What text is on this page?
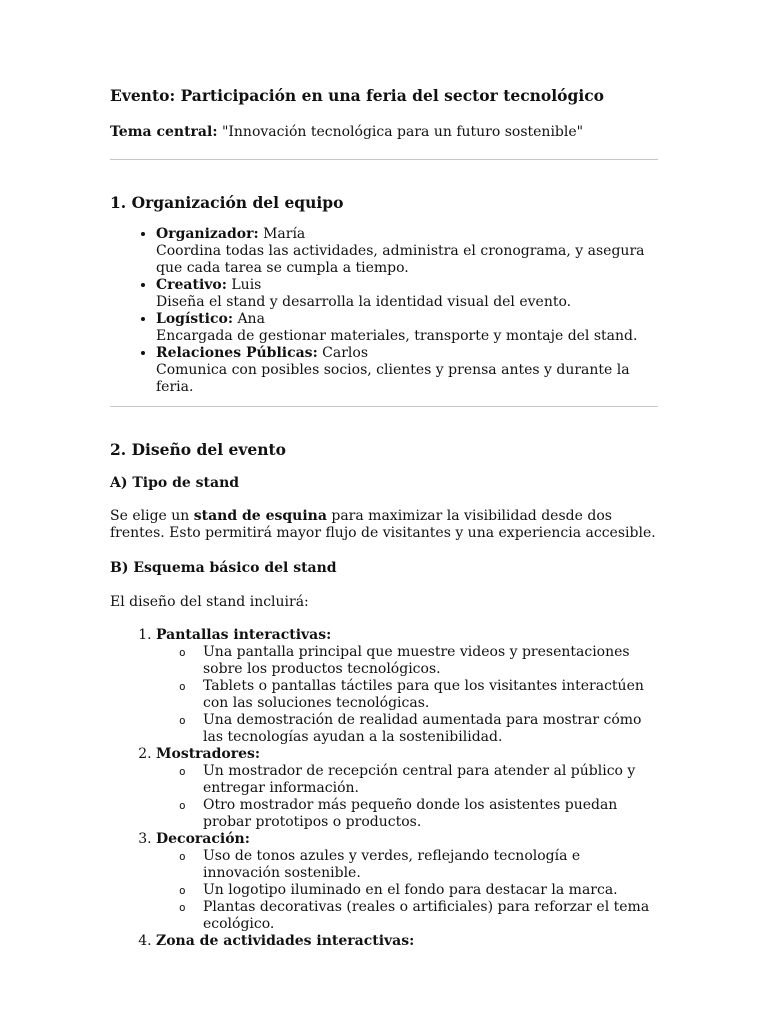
Evento: Participación en una feria del sector tecnológico

Tema central: "Innovación tecnológica para un futuro sostenible"

1. Organización del equipo
• Organizador: María
Coordina todas las actividades, administra el cronograma, y asegura que cada tarea se cumpla a tiempo.
• Creativo: Luis
Diseña el stand y desarrolla la identidad visual del evento.
• Logístico: Ana
Encargada de gestionar materiales, transporte y montaje del stand.
• Relaciones Públicas: Carlos
Comunica con posibles socios, clientes y prensa antes y durante la feria.
2. Diseño del evento
A) Tipo de stand

Se elige un stand de esquina para maximizar la visibilidad desde dos frentes. Esto permitirá mayor flujo de visitantes y una experiencia accesible.

B) Esquema básico del stand

El diseño del stand incluirá:

1. Pantallas interactivas:
o Una pantalla principal que muestre videos y presentaciones sobre los productos tecnológicos.
o Tablets o pantallas táctiles para que los visitantes interactúen con las soluciones tecnológicas.
o Una demostración de realidad aumentada para mostrar cómo las tecnologías ayudan a la sostenibilidad.
2. Mostradores:
o Un mostrador de recepción central para atender al público y entregar información.
o Otro mostrador más pequeño donde los asistentes puedan probar prototipos o productos.
3. Decoración:
o Uso de tonos azules y verdes, reflejando tecnología e innovación sostenible.
o Un logotipo iluminado en el fondo para destacar la marca.
o Plantas decorativas (reales o artificiales) para reforzar el tema ecológico.
4. Zona de actividades interactivas:
